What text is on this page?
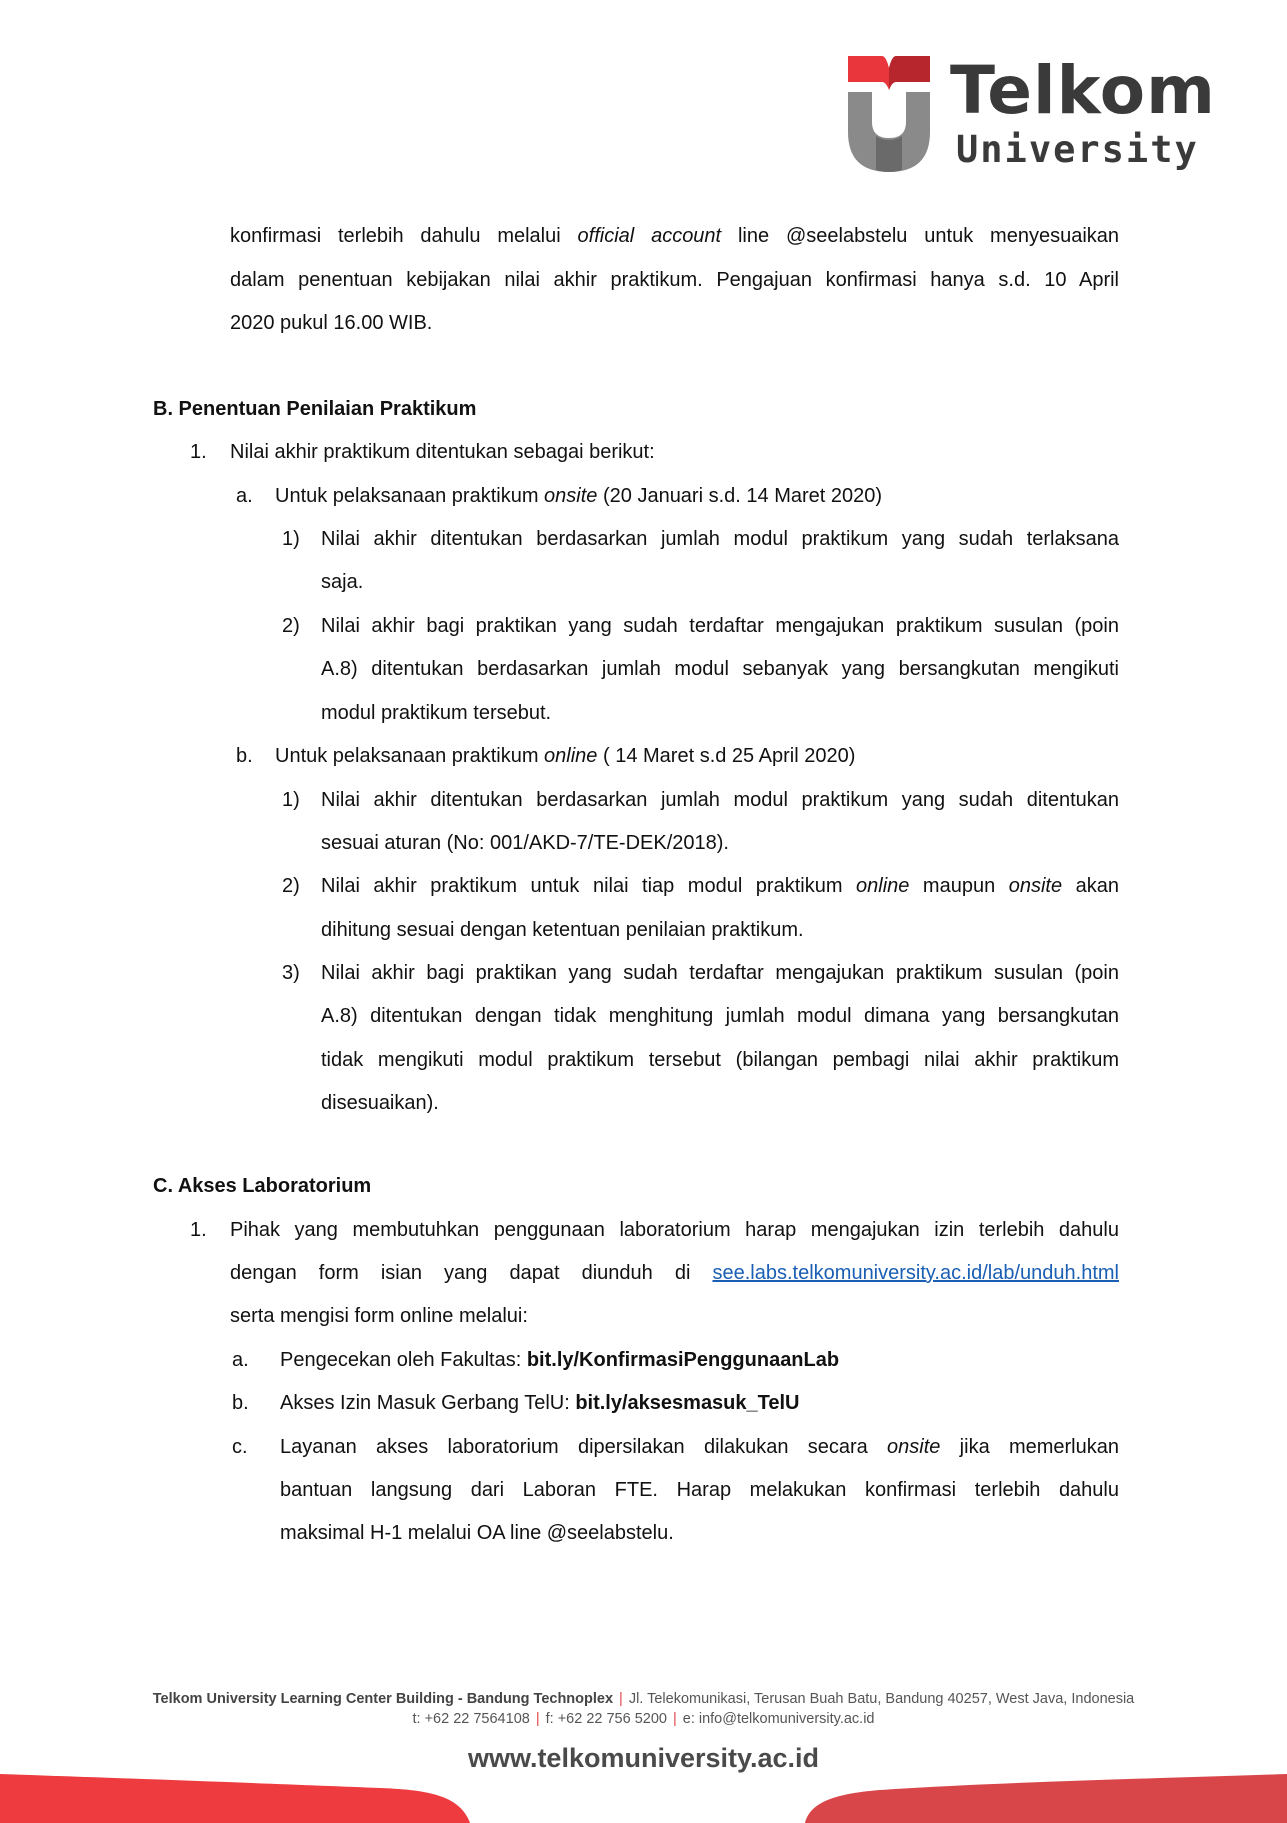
Telkom
University
konfirmasi terlebih dahulu melalui official account line @seelabstelu untuk menyesuaikan
dalam penentuan kebijakan nilai akhir praktikum. Pengajuan konfirmasi hanya s.d. 10 April
2020 pukul 16.00 WIB.
B. Penentuan Penilaian Praktikum
1. Nilai akhir praktikum ditentukan sebagai berikut:
a. Untuk pelaksanaan praktikum onsite (20 Januari s.d. 14 Maret 2020)
1) Nilai akhir ditentukan berdasarkan jumlah modul praktikum yang sudah terlaksana
saja.
2) Nilai akhir bagi praktikan yang sudah terdaftar mengajukan praktikum susulan (poin
A.8) ditentukan berdasarkan jumlah modul sebanyak yang bersangkutan mengikuti
modul praktikum tersebut.
b. Untuk pelaksanaan praktikum online ( 14 Maret s.d 25 April 2020)
1) Nilai akhir ditentukan berdasarkan jumlah modul praktikum yang sudah ditentukan
sesuai aturan (No: 001/AKD-7/TE-DEK/2018).
2) Nilai akhir praktikum untuk nilai tiap modul praktikum online maupun onsite akan
dihitung sesuai dengan ketentuan penilaian praktikum.
3) Nilai akhir bagi praktikan yang sudah terdaftar mengajukan praktikum susulan (poin
A.8) ditentukan dengan tidak menghitung jumlah modul dimana yang bersangkutan
tidak mengikuti modul praktikum tersebut (bilangan pembagi nilai akhir praktikum
disesuaikan).
C. Akses Laboratorium
1. Pihak yang membutuhkan penggunaan laboratorium harap mengajukan izin terlebih dahulu
dengan form isian yang dapat diunduh di see.labs.telkomuniversity.ac.id/lab/unduh.html
serta mengisi form online melalui:
a. Pengecekan oleh Fakultas: bit.ly/KonfirmasiPenggunaanLab
b. Akses Izin Masuk Gerbang TelU: bit.ly/aksesmasuk_TelU
c. Layanan akses laboratorium dipersilakan dilakukan secara onsite jika memerlukan
bantuan langsung dari Laboran FTE. Harap melakukan konfirmasi terlebih dahulu
maksimal H-1 melalui OA line @seelabstelu.
Telkom University Learning Center Building - Bandung Technoplex | Jl. Telekomunikasi, Terusan Buah Batu, Bandung 40257, West Java, Indonesia
t: +62 22 7564108 | f: +62 22 756 5200 | e: info@telkomuniversity.ac.id
www.telkomuniversity.ac.id
